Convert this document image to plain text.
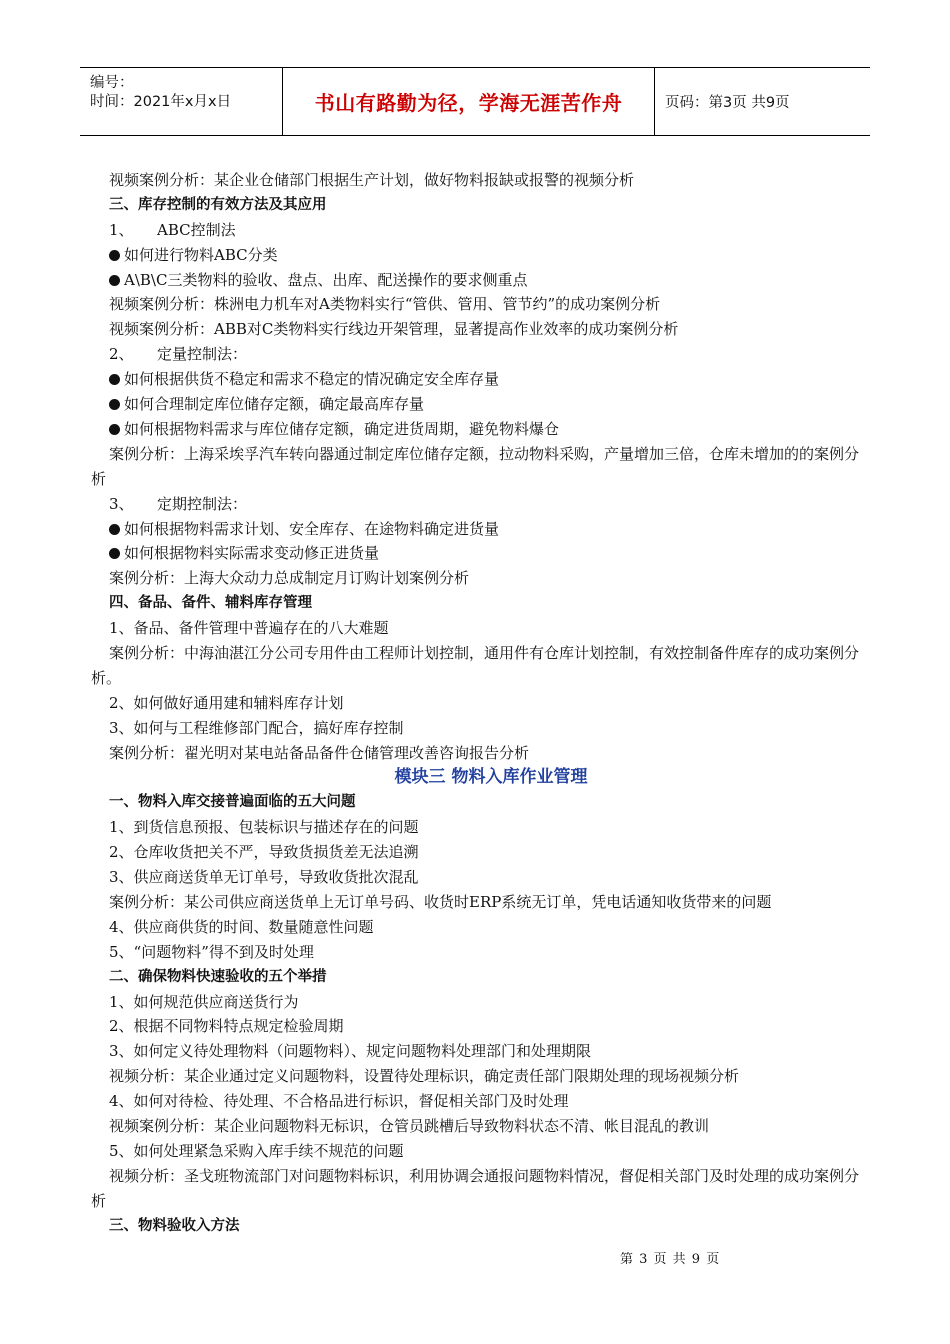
编号：
时间：2021年x月x日	书山有路勤为径，学海无涯苦作舟	页码：第3页 共9页
视频案例分析：某企业仓储部门根据生产计划，做好物料报缺或报警的视频分析
三、库存控制的有效方法及其应用
1、 ABC控制法
如何进行物料ABC分类
A\B\C三类物料的验收、盘点、出库、配送操作的要求侧重点
视频案例分析：株洲电力机车对A类物料实行“管供、管用、管节约”的成功案例分析
视频案例分析：ABB对C类物料实行线边开架管理，显著提高作业效率的成功案例分析
2、 定量控制法：
如何根据供货不稳定和需求不稳定的情况确定安全库存量
如何合理制定库位储存定额，确定最高库存量
如何根据物料需求与库位储存定额，确定进货周期，避免物料爆仓
案例分析：上海采埃孚汽车转向器通过制定库位储存定额，拉动物料采购，产量增加三倍，仓库未增加的的案例分析
3、 定期控制法：
如何根据物料需求计划、安全库存、在途物料确定进货量
如何根据物料实际需求变动修正进货量
案例分析：上海大众动力总成制定月订购计划案例分析
四、备品、备件、辅料库存管理
1、备品、备件管理中普遍存在的八大难题
案例分析：中海油湛江分公司专用件由工程师计划控制，通用件有仓库计划控制，有效控制备件库存的成功案例分析。
2、如何做好通用建和辅料库存计划
3、如何与工程维修部门配合，搞好库存控制
案例分析：翟光明对某电站备品备件仓储管理改善咨询报告分析
模块三 物料入库作业管理
一、物料入库交接普遍面临的五大问题
1、到货信息预报、包装标识与描述存在的问题
2、仓库收货把关不严，导致货损货差无法追溯
3、供应商送货单无订单号，导致收货批次混乱
案例分析：某公司供应商送货单上无订单号码、收货时ERP系统无订单，凭电话通知收货带来的问题
4、供应商供货的时间、数量随意性问题
5、“问题物料”得不到及时处理
二、确保物料快速验收的五个举措
1、如何规范供应商送货行为
2、根据不同物料特点规定检验周期
3、如何定义待处理物料（问题物料）、规定问题物料处理部门和处理期限
视频分析：某企业通过定义问题物料，设置待处理标识，确定责任部门限期处理的现场视频分析
4、如何对待检、待处理、不合格品进行标识，督促相关部门及时处理
视频案例分析：某企业问题物料无标识，仓管员跳槽后导致物料状态不清、帐目混乱的教训
5、如何处理紧急采购入库手续不规范的问题
视频分析：圣戈班物流部门对问题物料标识，利用协调会通报问题物料情况，督促相关部门及时处理的成功案例分析
三、物料验收入方法
第 3 页 共 9 页
